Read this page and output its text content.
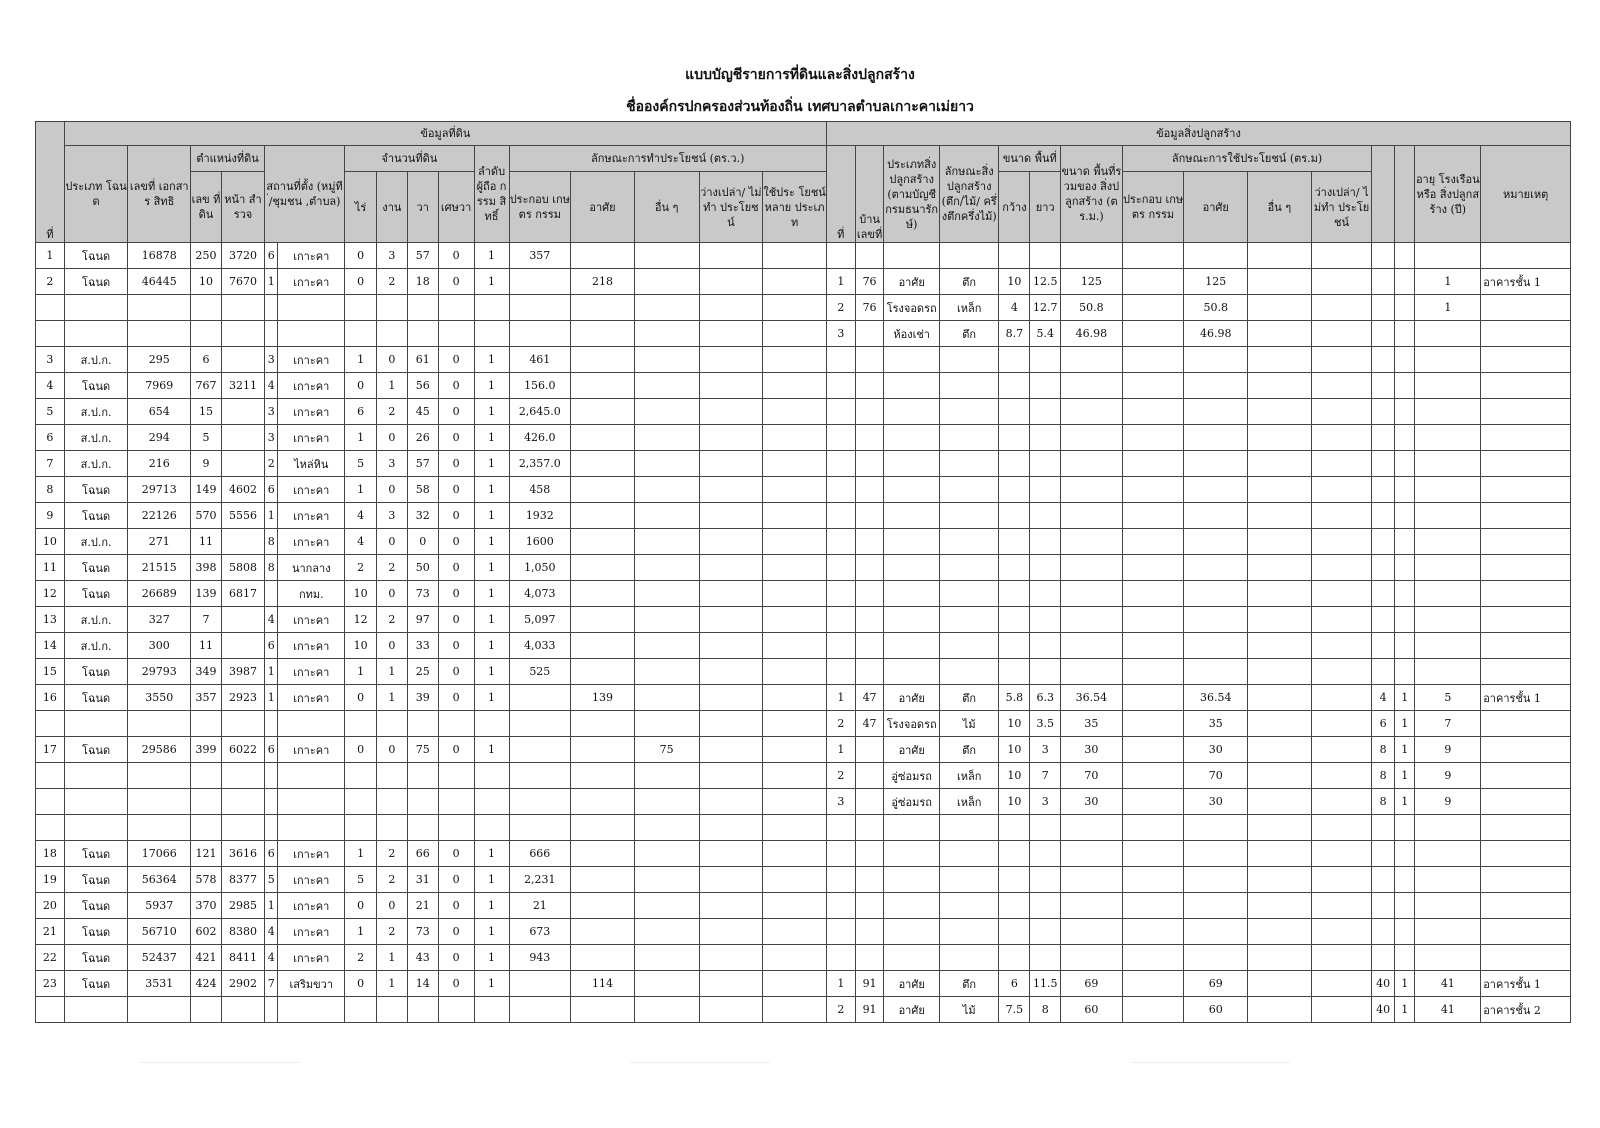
แบบบัญชีรายการที่ดินและสิ่งปลูกสร้าง
ชื่อองค์กรปกครองส่วนท้องถิ่น เทศบาลตำบลเกาะคาเม่ยาว
ที่	ข้อมูลที่ดิน																ข้อมูลสิ่งปลูกสร้าง														
	ประเภท โฉนด	เลขที่ เอกสาร สิทธิ	ตำแหน่งที่ดิน		สถานที่ตั้ง (หมู่ที่/ชุมชน ,ตำบล)		จำนวนที่ดิน				ลำดับ ผู้ถือ กรรม สิทธิ์	ลักษณะการทำประโยชน์ (ตร.ว.)					ที่	บ้าน เลขที่	ประเภทสิ่ง ปลูกสร้าง (ตามบัญชี กรมธนารักษ์)	ลักษณะสิ่ง ปลูกสร้าง (ตึก/ไม้/ ครึ่งตึกครึ่งไม้)	ขนาด พื้นที่		ขนาด พื้นที่รวมของ สิ่งปลูกสร้าง (ตร.ม.)	ลักษณะการใช้ประโยชน์ (ตร.ม)						อายุ โรงเรือนหรือ สิ่งปลูกสร้าง (ปี)	หมายเหตุ
																								ประกอบ เกษตร กรรม	อาศัย	อื่น ๆ	ว่างเปล่า/ ไม่ทำ ประโยชน์				
			เลข ที่ดิน	หน้า สำรวจ			ไร่	งาน	วา	เศษวา		ประกอบ เกษตร กรรม	อาศัย	อื่น ๆ	ว่างเปล่า/ ไม่ทำ ประโยชน์	ใช้ประ โยชน์หลาย ประเภท					กว้าง	ยาว									
1	โฉนด	16878	250	3720	6	เกาะคา	0	3	57	0	1	357																			
2	โฉนด	46445	10	7670	1	เกาะคา	0	2	18	0	1		218				1	76	อาศัย	ตึก	10	12.5	125		125					1	อาคารชั้น 1
																	2	76	โรงจอดรถ	เหล็ก	4	12.7	50.8		50.8					1	
																	3		ห้องเช่า	ตึก	8.7	5.4	46.98		46.98						
3	ส.ป.ก.	295	6		3	เกาะคา	1	0	61	0	1	461																			
4	โฉนด	7969	767	3211	4	เกาะคา	0	1	56	0	1	156.0																			
5	ส.ป.ก.	654	15		3	เกาะคา	6	2	45	0	1	2,645.0																			
6	ส.ป.ก.	294	5		3	เกาะคา	1	0	26	0	1	426.0																			
7	ส.ป.ก.	216	9		2	ไหล่หิน	5	3	57	0	1	2,357.0																			
8	โฉนด	29713	149	4602	6	เกาะคา	1	0	58	0	1	458																			
9	โฉนด	22126	570	5556	1	เกาะคา	4	3	32	0	1	1932																			
10	ส.ป.ก.	271	11		8	เกาะคา	4	0	0	0	1	1600																			
11	โฉนด	21515	398	5808	8	นากลาง	2	2	50	0	1	1,050																			
12	โฉนด	26689	139	6817		กทม.	10	0	73	0	1	4,073																			
13	ส.ป.ก.	327	7		4	เกาะคา	12	2	97	0	1	5,097																			
14	ส.ป.ก.	300	11		6	เกาะคา	10	0	33	0	1	4,033																			
15	โฉนด	29793	349	3987	1	เกาะคา	1	1	25	0	1	525																			
16	โฉนด	3550	357	2923	1	เกาะคา	0	1	39	0	1		139				1	47	อาศัย	ตึก	5.8	6.3	36.54		36.54			4	1	5	อาคารชั้น 1
																	2	47	โรงจอดรถ	ไม้	10	3.5	35		35			6	1	7	
17	โฉนด	29586	399	6022	6	เกาะคา	0	0	75	0	1			75			1		อาศัย	ตึก	10	3	30		30			8	1	9	
																	2		อู่ซ่อมรถ	เหล็ก	10	7	70		70			8	1	9	
																	3		อู่ซ่อมรถ	เหล็ก	10	3	30		30			8	1	9	

18	โฉนด	17066	121	3616	6	เกาะคา	1	2	66	0	1	666																			
19	โฉนด	56364	578	8377	5	เกาะคา	5	2	31	0	1	2,231																			
20	โฉนด	5937	370	2985	1	เกาะคา	0	0	21	0	1	21																			
21	โฉนด	56710	602	8380	4	เกาะคา	1	2	73	0	1	673																			
22	โฉนด	52437	421	8411	4	เกาะคา	2	1	43	0	1	943																			
23	โฉนด	3531	424	2902	7	เสริมขวา	0	1	14	0	1		114				1	91	อาศัย	ตึก	6	11.5	69		69			40	1	41	อาคารชั้น 1
																	2	91	อาศัย	ไม้	7.5	8	60		60			40	1	41	อาคารชั้น 2
